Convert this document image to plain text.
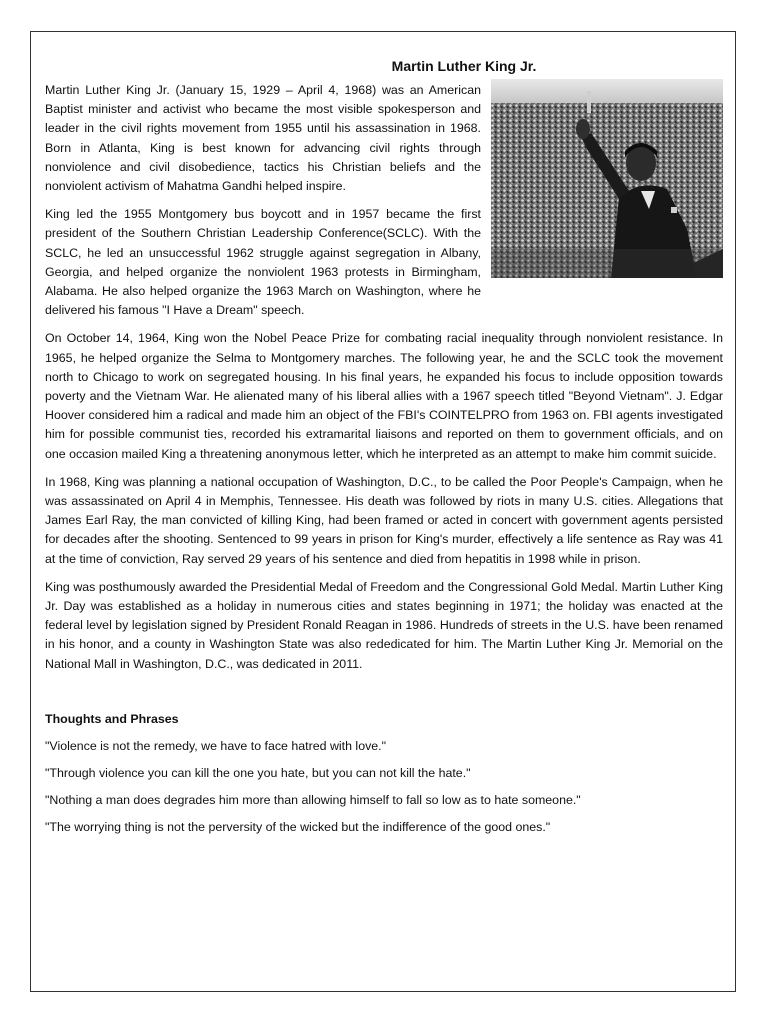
Martin Luther King Jr.

Martin Luther King Jr. (January 15, 1929 – April 4, 1968) was an American Baptist minister and activist who became the most visible spokesperson and leader in the civil rights movement from 1955 until his assassination in 1968. Born in Atlanta, King is best known for advancing civil rights through nonviolence and civil disobedience, tactics his Christian beliefs and the nonviolent activism of Mahatma Gandhi helped inspire.

King led the 1955 Montgomery bus boycott and in 1957 became the first president of the Southern Christian Leadership Conference(SCLC). With the SCLC, he led an unsuccessful 1962 struggle against segregation in Albany, Georgia, and helped organize the nonviolent 1963 protests in Birmingham, Alabama. He also helped organize the 1963 March on Washington, where he delivered his famous "I Have a Dream" speech.

On October 14, 1964, King won the Nobel Peace Prize for combating racial inequality through nonviolent resistance. In 1965, he helped organize the Selma to Montgomery marches. The following year, he and the SCLC took the movement north to Chicago to work on segregated housing. In his final years, he expanded his focus to include opposition towards poverty and the Vietnam War. He alienated many of his liberal allies with a 1967 speech titled "Beyond Vietnam". J. Edgar Hoover considered him a radical and made him an object of the FBI's COINTELPRO from 1963 on. FBI agents investigated him for possible communist ties, recorded his extramarital liaisons and reported on them to government officials, and on one occasion mailed King a threatening anonymous letter, which he interpreted as an attempt to make him commit suicide.

In 1968, King was planning a national occupation of Washington, D.C., to be called the Poor People's Campaign, when he was assassinated on April 4 in Memphis, Tennessee. His death was followed by riots in many U.S. cities. Allegations that James Earl Ray, the man convicted of killing King, had been framed or acted in concert with government agents persisted for decades after the shooting. Sentenced to 99 years in prison for King's murder, effectively a life sentence as Ray was 41 at the time of conviction, Ray served 29 years of his sentence and died from hepatitis in 1998 while in prison.

King was posthumously awarded the Presidential Medal of Freedom and the Congressional Gold Medal. Martin Luther King Jr. Day was established as a holiday in numerous cities and states beginning in 1971; the holiday was enacted at the federal level by legislation signed by President Ronald Reagan in 1986. Hundreds of streets in the U.S. have been renamed in his honor, and a county in Washington State was also rededicated for him. The Martin Luther King Jr. Memorial on the National Mall in Washington, D.C., was dedicated in 2011.

Thoughts and Phrases
"Violence is not the remedy, we have to face hatred with love."
"Through violence you can kill the one you hate, but you can not kill the hate."
"Nothing a man does degrades him more than allowing himself to fall so low as to hate someone."
"The worrying thing is not the perversity of the wicked but the indifference of the good ones."
